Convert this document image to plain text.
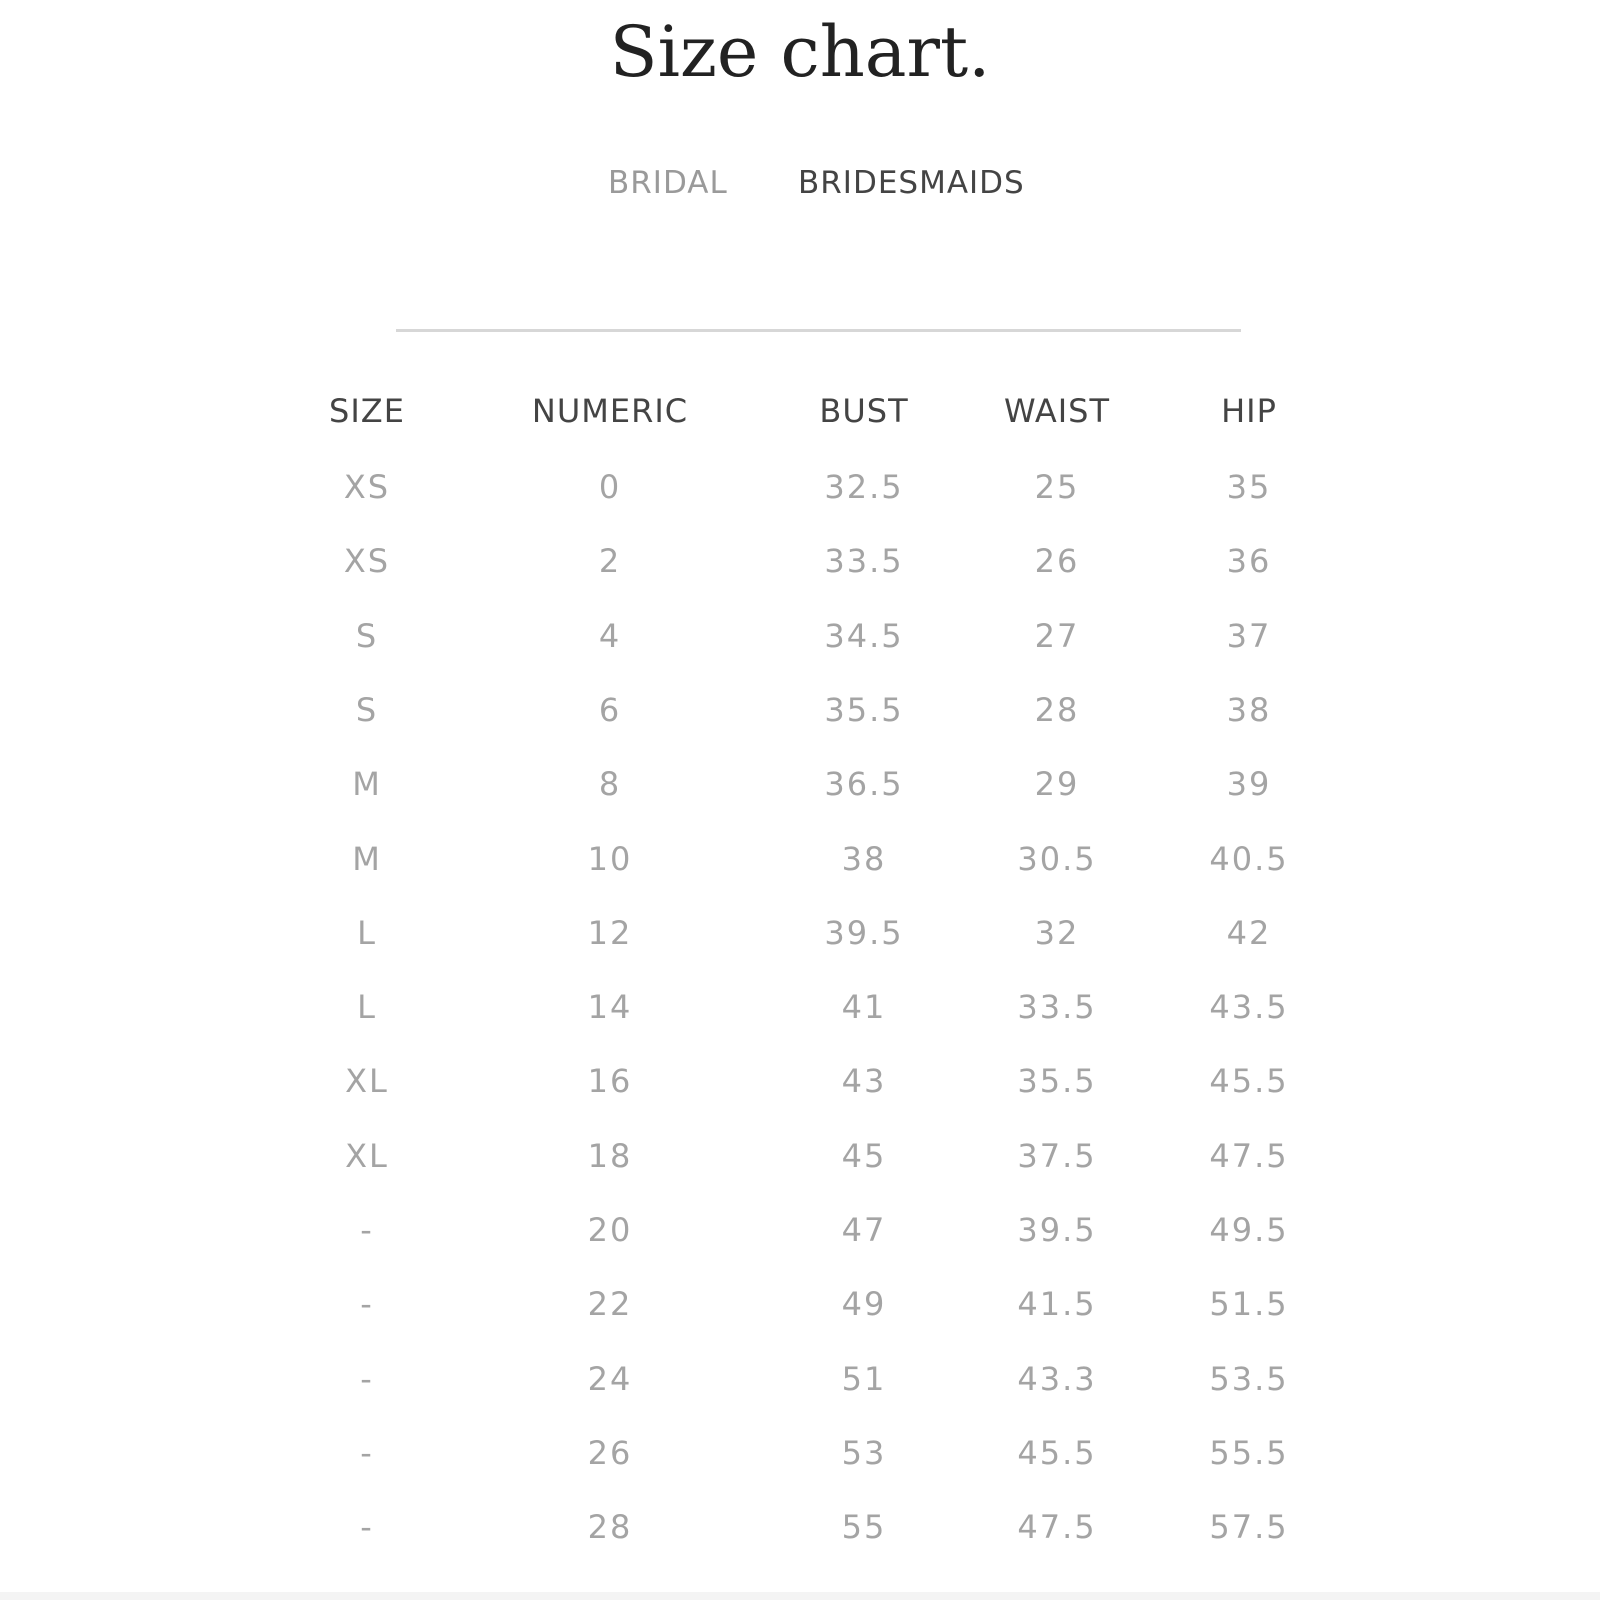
Size chart.
BRIDAL BRIDESMAIDS
SIZE	NUMERIC	BUST	WAIST	HIP
XS	0	32.5	25	35
XS	2	33.5	26	36
S	4	34.5	27	37
S	6	35.5	28	38
M	8	36.5	29	39
M	10	38	30.5	40.5
L	12	39.5	32	42
L	14	41	33.5	43.5
XL	16	43	35.5	45.5
XL	18	45	37.5	47.5
-	20	47	39.5	49.5
-	22	49	41.5	51.5
-	24	51	43.3	53.5
-	26	53	45.5	55.5
-	28	55	47.5	57.5
